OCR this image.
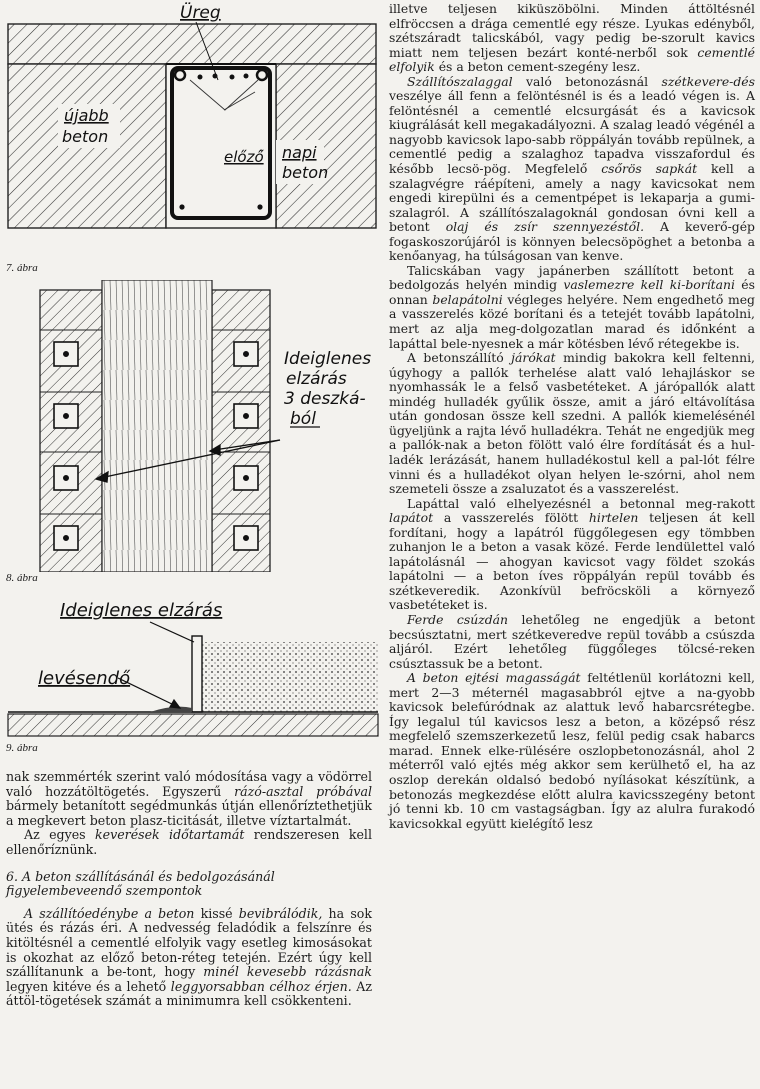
Üreg
újabb
beton
előző napi
beton
7. ábra
Ideiglenes
elzárás
3 deszká-
ból
8. ábra
Ideiglenes elzárás
levésendő
9. ábra

nak szemmérték szerint való módosítása vagy a vödörrel való hozzátöltögetés. Egyszerű rázó-asztal próbával bármely betanított segédmunkás útján ellenőríztethetjük a megkevert beton plasz-ticitását, illetve víztartalmát.

Az egyes keverések időtartamát rendszeresen kell ellenőríznünk.

6. A beton szállításánál és bedolgozásánál figyelembeveendő szempontok

A szállítóedénybe a beton kissé bevibrálódik, ha sok ütés és rázás éri. A nedvesség feladódik a felszínre és kitöltésnél a cementlé elfolyik vagy esetleg kimosásokat is okozhat az előző beton-réteg tetején. Ezért úgy kell szállítanunk a be-tont, hogy minél kevesebb rázásnak legyen kitéve és a lehető leggyorsabban célhoz érjen. Az áttöl-tögetések számát a minimumra kell csökkenteni.

illetve teljesen kiküszöbölni. Minden áttöltésnél elfröccsen a drága cementlé egy része. Lyukas edényből, szétszáradt talicskából, vagy pedig be-szorult kavics miatt nem teljesen bezárt konté-nerből sok cementlé elfolyik és a beton cement-szegény lesz.

Szállítószalaggal való betonozásnál szétkevere-dés veszélye áll fenn a felöntésnél is és a leadó végen is. A felöntésnél a cementlé elcsurgását és a kavicsok kiugrálását kell megakadályozni. A szalag leadó végénél a nagyobb kavicsok lapo-sabb röppályán tovább repülnek, a cementlé pedig a szalaghoz tapadva visszafordul és később lecsö-pög. Megfelelő csőrös sapkát kell a szalagvégre ráépíteni, amely a nagy kavicsokat nem engedi kirepülni és a cementpépet is lekaparja a gumi-szalagról. A szállítószalagoknál gondosan óvni kell a betont olaj és zsír szennyezéstől. A keverő-gép fogaskoszorújáról is könnyen belecsöpöghet a betonba a kenőanyag, ha túlságosan van kenve.

Talicskában vagy japánerben szállított betont a bedolgozás helyén mindig vaslemezre kell ki-borítani és onnan belapátolni végleges helyére. Nem engedhető meg a vasszerelés közé borítani és a tetejét tovább lapátolni, mert az alja meg-dolgozatlan marad és időnként a lapáttal bele-nyesnek a már kötésben lévő rétegekbe is.

A betonszállító járókat mindig bakokra kell feltenni, úgyhogy a pallók terhelése alatt való lehajláskor se nyomhassák le a felső vasbetéteket. A járópallók alatt mindég hulladék gyűlik össze, amit a járó eltávolítása után gondosan össze kell szedni. A pallók kiemelésénél ügyeljünk a rajta lévő hulladékra. Tehát ne engedjük meg a pallók-nak a beton fölött való élre fordítását és a hul-ladék lerázását, hanem hulladékostul kell a pal-lót félre vinni és a hulladékot olyan helyen le-szórni, ahol nem szemeteli össze a zsaluzatot és a vasszerelést.

Lapáttal való elhelyezésnél a betonnal meg-rakott lapátot a vasszerelés fölött hirtelen teljesen át kell fordítani, hogy a lapátról függőlegesen egy tömbben zuhanjon le a beton a vasak közé. Ferde lendülettel való lapátolásnál — ahogyan kavicsot vagy földet szokás lapátolni — a beton íves röppályán repül tovább és szétkeveredik. Azonkívül befröcsköli a környező vasbetéteket is.

Ferde csúzdán lehetőleg ne engedjük a betont becsúsztatni, mert szétkeveredve repül tovább a csúszda aljáról. Ezért lehetőleg függőleges tölcsé-reken csúsztassuk be a betont.

A beton ejtési magasságát feltétlenül korlátozni kell, mert 2—3 méternél magasabbról ejtve a na-gyobb kavicsok belefúródnak az alattuk levő habarcsrétegbe. Így legalul túl kavicsos lesz a beton, a középső rész megfelelő szemszerkezetű lesz, felül pedig csak habarcs marad. Ennek elke-rülésére oszlopbetonozásnál, ahol 2 méterről való ejtés még akkor sem kerülhető el, ha az oszlop derekán oldalsó bedobó nyílásokat készítünk, a betonozás megkezdése előtt alulra kavicsszegény betont jó tenni kb. 10 cm vastagságban. Így az alulra furakodó kavicsokkal együtt kielégítő lesz
